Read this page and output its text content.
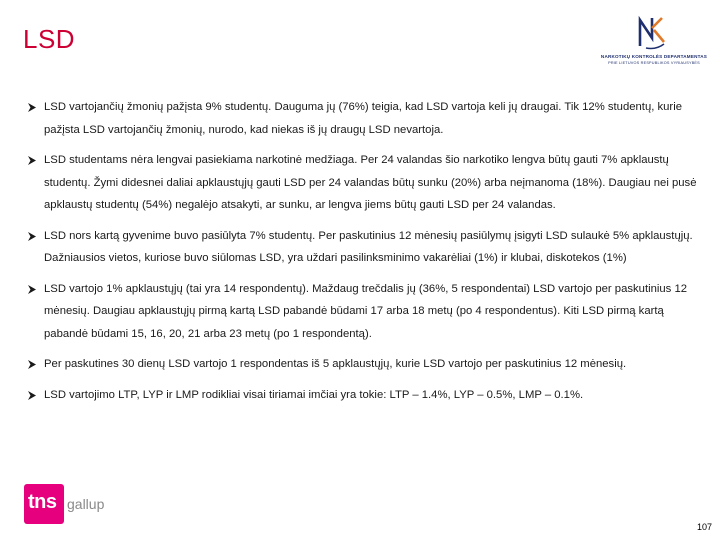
LSD
NARKOTIKŲ KONTROLĖS DEPARTAMENTAS
PRIE LIETUVOS RESPUBLIKOS VYRIAUSYBĖS
LSD vartojančių žmonių pažįsta 9% studentų. Dauguma jų (76%) teigia, kad LSD vartoja keli jų draugai. Tik 12% studentų, kurie pažįsta LSD vartojančių žmonių, nurodo, kad niekas iš jų draugų LSD nevartoja.
LSD studentams nėra lengvai pasiekiama narkotinė medžiaga. Per 24 valandas šio narkotiko lengva būtų gauti 7% apklaustų studentų. Žymi didesnei daliai apklaustųjų gauti LSD per 24 valandas būtų sunku (20%) arba neįmanoma (18%). Daugiau nei pusė apklaustų studentų (54%) negalėjo atsakyti, ar sunku, ar lengva jiems būtų gauti LSD per 24 valandas.
LSD nors kartą gyvenime buvo pasiūlyta 7% studentų. Per paskutinius 12 mėnesių pasiūlymų įsigyti LSD sulaukė 5% apklaustųjų. Dažniausios vietos, kuriose buvo siūlomas LSD, yra uždari pasilinksminimo vakarėliai (1%) ir klubai, diskotekos (1%)
LSD vartojo 1% apklaustųjų (tai yra 14 respondentų). Maždaug trečdalis jų (36%, 5 respondentai) LSD vartojo per paskutinius 12 mėnesių. Daugiau apklaustųjų pirmą kartą LSD pabandė būdami 17 arba 18 metų (po 4 respondentus). Kiti LSD pirmą kartą pabandė būdami 15, 16, 20, 21 arba 23 metų (po 1 respondentą).
Per paskutines 30 dienų LSD vartojo 1 respondentas iš 5 apklaustųjų, kurie LSD vartojo per paskutinius 12 mėnesių.
LSD vartojimo LTP, LYP ir LMP rodikliai visai tiriamai imčiai yra tokie: LTP – 1.4%, LYP – 0.5%, LMP – 0.1%.
tns gallup
107
